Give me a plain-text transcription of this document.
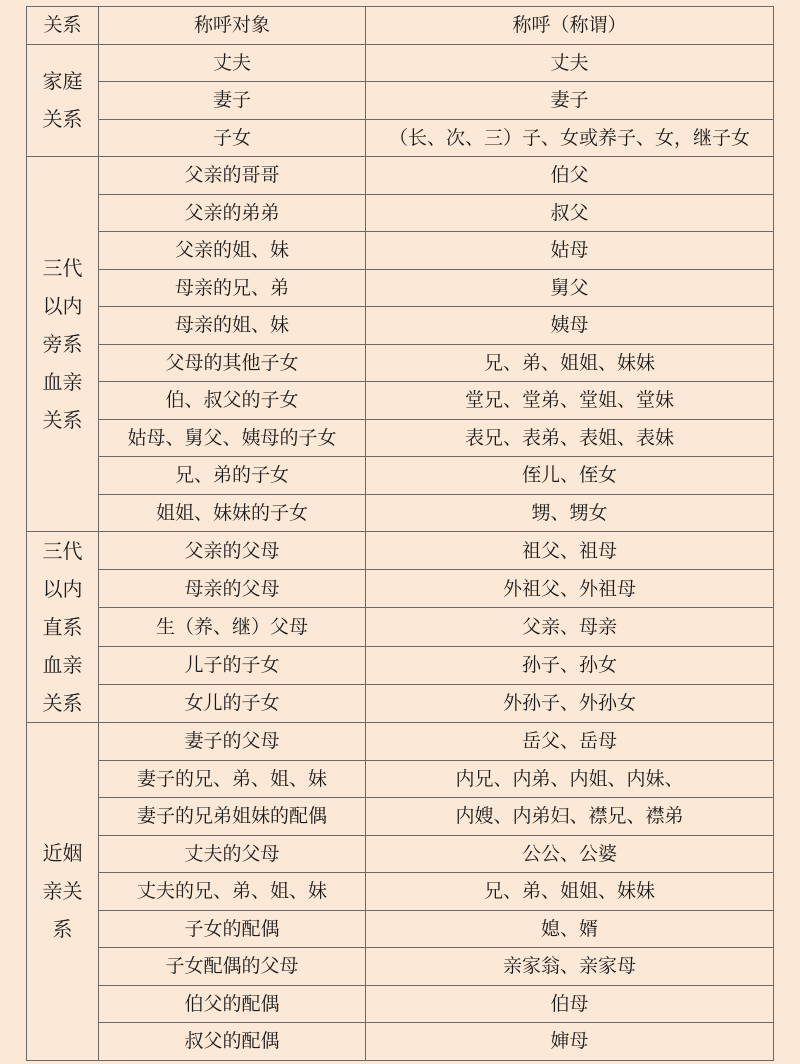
关系	称呼对象	称呼（称谓）

家庭
关系	丈夫	丈夫
	妻子	妻子
	子女	（长、次、三）子、女或养子、女，继子女

三代
以内
旁系
血亲
关系	父亲的哥哥	伯父
	父亲的弟弟	叔父
	父亲的姐、妹	姑母
	母亲的兄、弟	舅父
	母亲的姐、妹	姨母
	父母的其他子女	兄、弟、姐姐、妹妹
	伯、叔父的子女	堂兄、堂弟、堂姐、堂妹
	姑母、舅父、姨母的子女	表兄、表弟、表姐、表妹
	兄、弟的子女	侄儿、侄女
	姐姐、妹妹的子女	甥、甥女

三代
以内
直系
血亲
关系	父亲的父母	祖父、祖母
	母亲的父母	外祖父、外祖母
	生（养、继）父母	父亲、母亲
	儿子的子女	孙子、孙女
	女儿的子女	外孙子、外孙女

近姻
亲关
系	妻子的父母	岳父、岳母
	妻子的兄、弟、姐、妹	内兄、内弟、内姐、内妹、
	妻子的兄弟姐妹的配偶	内嫂、内弟妇、襟兄、襟弟
	丈夫的父母	公公、公婆
	丈夫的兄、弟、姐、妹	兄、弟、姐姐、妹妹
	子女的配偶	媳、婿
	子女配偶的父母	亲家翁、亲家母
	伯父的配偶	伯母
	叔父的配偶	婶母
